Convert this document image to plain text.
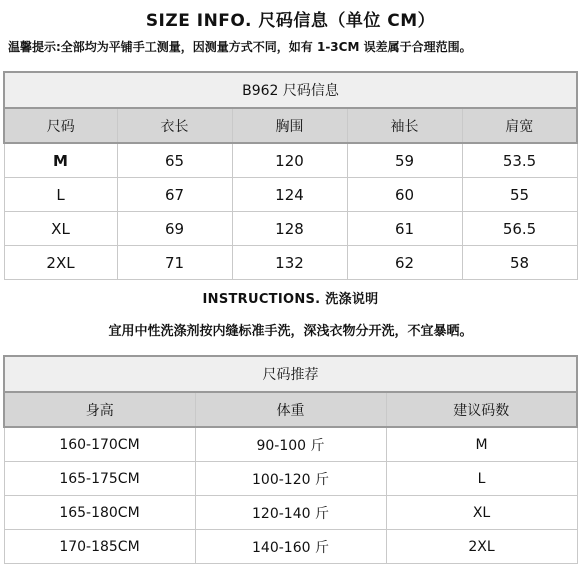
SIZE INFO. 尺码信息（单位 CM）
温馨提示:全部均为平铺手工测量，因测量方式不同，如有 1-3CM 误差属于合理范围。
B962 尺码信息				
尺码	衣长	胸围	袖长	肩宽
M	65	120	59	53.5
L	67	124	60	55
XL	69	128	61	56.5
2XL	71	132	62	58
INSTRUCTIONS. 洗涤说明
宜用中性洗涤剂按内缝标准手洗，深浅衣物分开洗，不宜暴晒。
尺码推荐		
身高	体重	建议码数
160-170CM	90-100 斤	M
165-175CM	100-120 斤	L
165-180CM	120-140 斤	XL
170-185CM	140-160 斤	2XL
